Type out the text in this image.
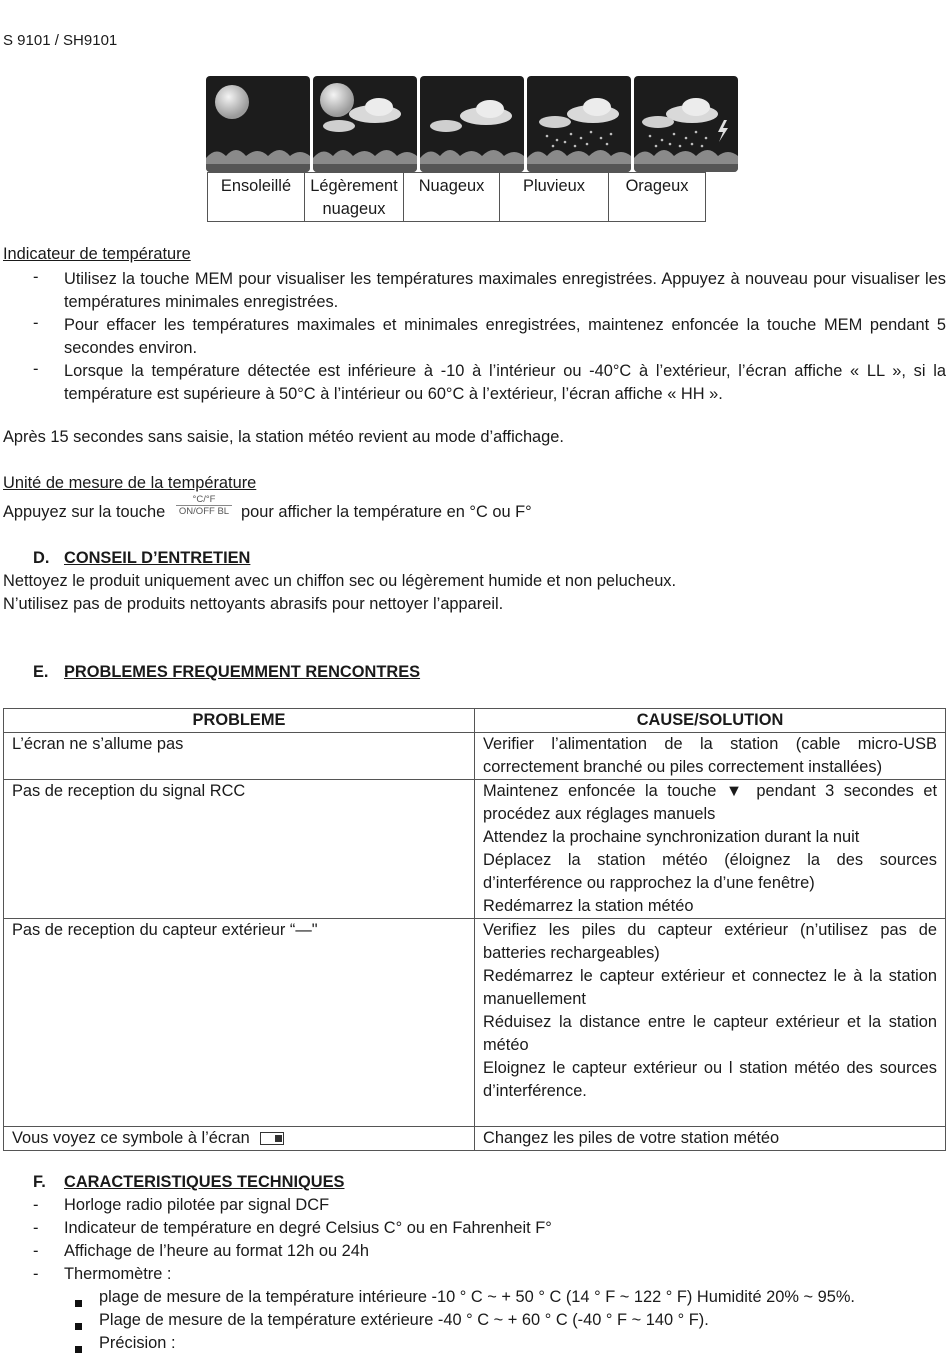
S 9101 / SH9101
Ensoleillé	Légèrement nuageux	Nuageux	Pluvieux	Orageux
Indicateur de température
- Utilisez la touche MEM pour visualiser les températures maximales enregistrées. Appuyez à nouveau pour visualiser les températures minimales enregistrées.
- Pour effacer les températures maximales et minimales enregistrées, maintenez enfoncée la touche MEM pendant 5 secondes environ.
- Lorsque la température détectée est inférieure à -10 à l’intérieur ou -40°C à l’extérieur, l’écran affiche « LL », si la température est supérieure à 50°C à l’intérieur ou 60°C à l’extérieur, l’écran affiche « HH ».
Après 15 secondes sans saisie, la station météo revient au mode d’affichage.
Unité de mesure de la température
Appuyez sur la touche
°C/°F
ON/OFF BL pour afficher la température en °C ou F°
D. CONSEIL D’ENTRETIEN
Nettoyez le produit uniquement avec un chiffon sec ou légèrement humide et non pelucheux.
N’utilisez pas de produits nettoyants abrasifs pour nettoyer l’appareil.
E. PROBLEMES FREQUEMMENT RENCONTRES
PROBLEME	CAUSE/SOLUTION
L’écran ne s’allume pas	Verifier l’alimentation de la station (cable micro-USB correctement branché ou piles correctement installées)
Pas de reception du signal RCC	Maintenez enfoncée la touche ▼ pendant 3 secondes et procédez aux réglages manuels
Attendez la prochaine synchronization durant la nuit
Déplacez la station météo (éloignez la des sources d’interférence ou rapprochez la d’une fenêtre)
Redémarrez la station météo

Pas de reception du capteur extérieur “—"	Verifiez les piles du capteur extérieur (n’utilisez pas de batteries rechargeables)
Redémarrez le capteur extérieur et connectez le à la station manuellement
Réduisez la distance entre le capteur extérieur et la station météo
Eloignez le capteur extérieur ou l station météo des sources d’interférence.

Vous voyez ce symbole à l’écran	Changez les piles de votre station météo
F. CARACTERISTIQUES TECHNIQUES
- Horloge radio pilotée par signal DCF
- Indicateur de température en degré Celsius C° ou en Fahrenheit F°
- Affichage de l’heure au format 12h ou 24h
- Thermomètre :
plage de mesure de la température intérieure -10 ° C ~ + 50 ° C (14 ° F ~ 122 ° F) Humidité 20% ~ 95%.
Plage de mesure de la température extérieure -40 ° C ~ + 60 ° C (-40 ° F ~ 140 ° F).
Précision :
